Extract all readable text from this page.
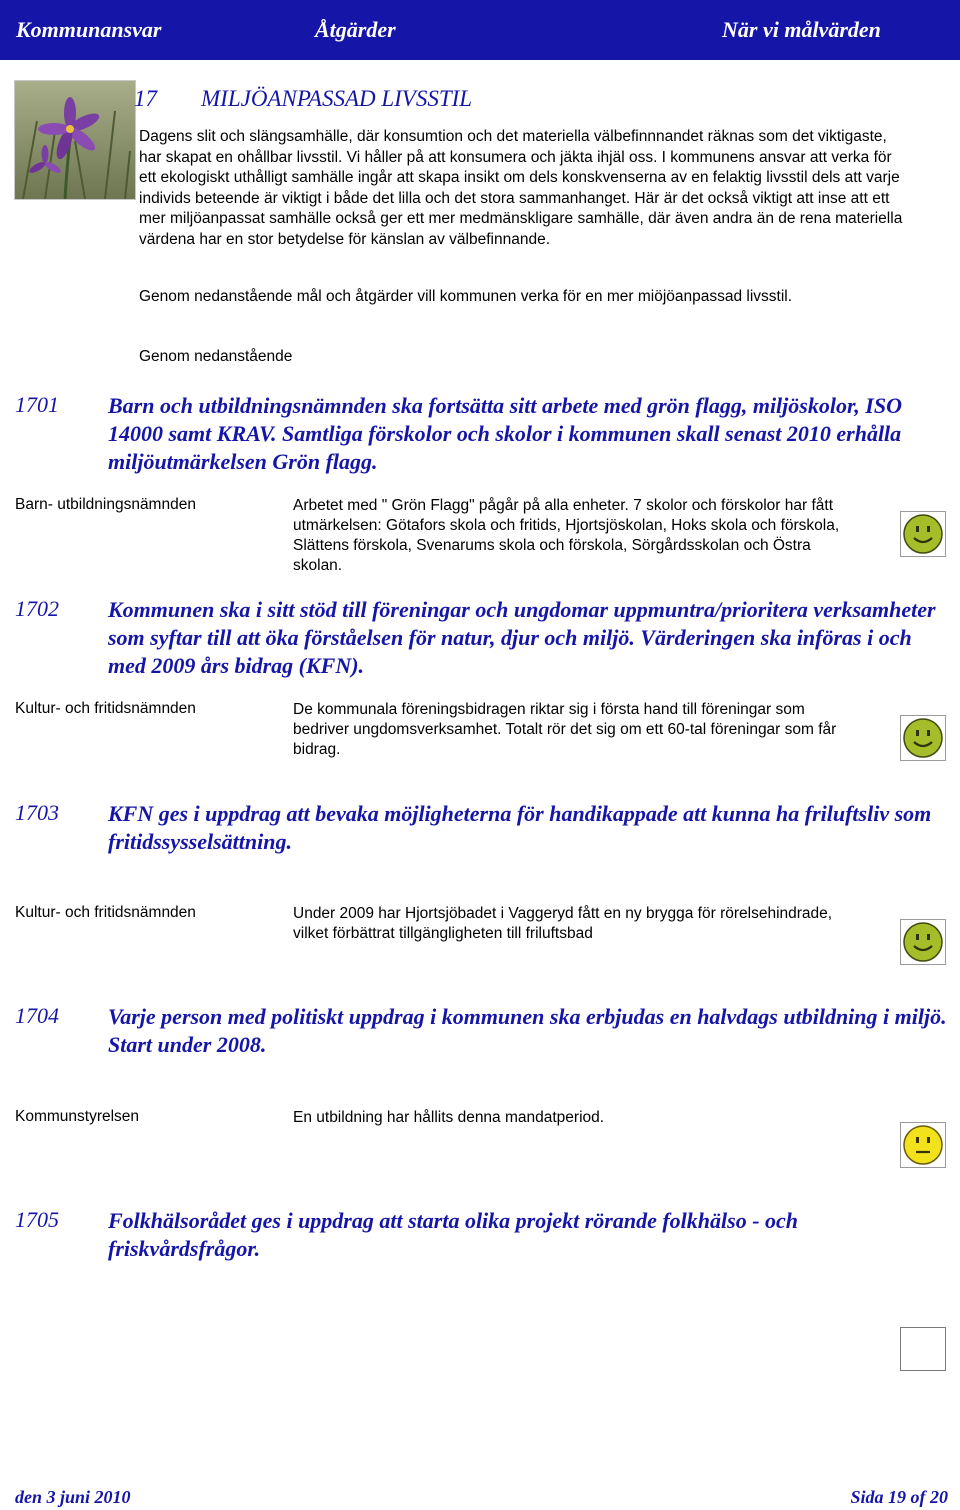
Kommunansvar	Åtgärder	När vi målvärden
17 MILJÖANPASSAD LIVSSTIL

Dagens slit och slängsamhälle, där konsumtion och det materiella välbefinnnandet räknas som det viktigaste, har skapat en ohållbar livsstil. Vi håller på att konsumera och jäkta ihjäl oss. I kommunens ansvar att verka för ett ekologiskt uthålligt samhälle ingår att skapa insikt om dels konskvenserna av en felaktig livsstil dels att varje individs beteende är viktigt i både det lilla och det stora sammanhanget. Här är det också viktigt att inse att ett mer miljöanpassat samhälle också ger ett mer medmänskligare samhälle, där även andra än de rena materiella värdena har en stor betydelse för känslan av välbefinnande.

Genom nedanstående mål och åtgärder vill kommunen verka för en mer miöjöanpassad livsstil.

Genom nedanstående

1701 Barn och utbildningsnämnden ska fortsätta sitt arbete med grön flagg, miljöskolor, ISO 14000 samt KRAV. Samtliga förskolor och skolor i kommunen skall senast 2010 erhålla miljöutmärkelsen Grön flagg.

Barn- utbildningsnämnden	Arbetet med " Grön Flagg" pågår på alla enheter. 7 skolor och förskolor har fått utmärkelsen: Götafors skola och fritids, Hjortsjöskolan, Hoks skola och förskola, Slättens förskola, Svenarums skola och förskola, Sörgårdsskolan och Östra skolan.

1702 Kommunen ska i sitt stöd till föreningar och ungdomar uppmuntra/prioritera verksamheter som syftar till att öka förståelsen för natur, djur och miljö. Värderingen ska införas i och med 2009 års bidrag (KFN).

Kultur- och fritidsnämnden	De kommunala föreningsbidragen riktar sig i första hand till föreningar som bedriver ungdomsverksamhet. Totalt rör det sig om ett 60-tal föreningar som får bidrag.

1703 KFN ges i uppdrag att bevaka möjligheterna för handikappade att kunna ha friluftsliv som fritidssysselsättning.

Kultur- och fritidsnämnden	Under 2009 har Hjortsjöbadet i Vaggeryd fått en ny brygga för rörelsehindrade, vilket förbättrat tillgängligheten till friluftsbad

1704 Varje person med politiskt uppdrag i kommunen ska erbjudas en halvdags utbildning i miljö. Start under 2008.

Kommunstyrelsen	En utbildning har hållits denna mandatperiod.

1705 Folkhälsorådet ges i uppdrag att starta olika projekt rörande folkhälso - och friskvårdsfrågor.

den 3 juni 2010	Sida 19 of 20
